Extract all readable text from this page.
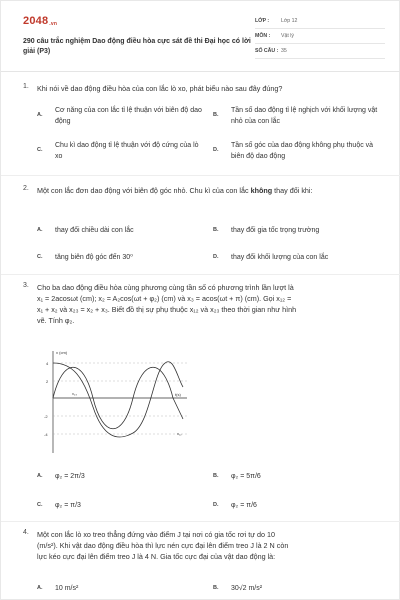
2048.vn
290 câu trắc nghiệm Dao động điều hòa cực sát đề thi Đại học có lời giải (P3)
LỚP : Lớp 12
MÔN : Vật lý
SỐ CÂU : 35
1. Khi nói về dao động điều hòa của con lắc lò xo, phát biểu nào sau đây đúng?
A.
Cơ năng của con lắc tỉ lệ thuận với biên độ dao động
B.
Tần số dao động tỉ lệ nghịch với khối lượng vật nhỏ của con lắc
C.
Chu kì dao động tỉ lệ thuận với độ cứng của lò xo
D.
Tần số góc của dao động không phụ thuộc và biên độ dao động
2. Một con lắc đơn dao động với biên độ góc nhỏ. Chu kì của con lắc không thay đổi khi:
A. thay đổi chiều dài con lắc	B. thay đổi gia tốc trọng trường
C. tăng biên độ góc đến 30⁰	D. thay đổi khối lượng của con lắc
3. Cho ba dao động điều hòa cùng phương cùng tần số có phương trình lần lượt là
x₁ = 2acosωt (cm); x₂ = A₂cos(ωt + φ₂) (cm) và x₃ = acos(ωt + π) (cm). Gọi x₁₂ =
x₁ + x₂ và x₂₃ = x₂ + x₃. Biết đồ thị sự phụ thuộc x₁₂ và x₂₃ theo thời gian như hình
vẽ. Tính φ₂.
A. φ₂ = 2π/3	B. φ₂ = 5π/6
C. φ₂ = π/3	D. φ₂ = π/6
x (cm)
t(s)
4
2
-2
-4
x₂₃
x₁₂
4. Một con lắc lò xo treo thẳng đứng vào điểm J tại nơi có gia tốc rơi tự do 10
(m/s²). Khi vật dao động điều hòa thì lực nén cực đại lên điểm treo J là 2 N còn
lực kéo cực đại lên điểm treo J là 4 N. Gia tốc cực đại của vật dao động là:
A. 10 m/s²	B. 30√2 m/s²
